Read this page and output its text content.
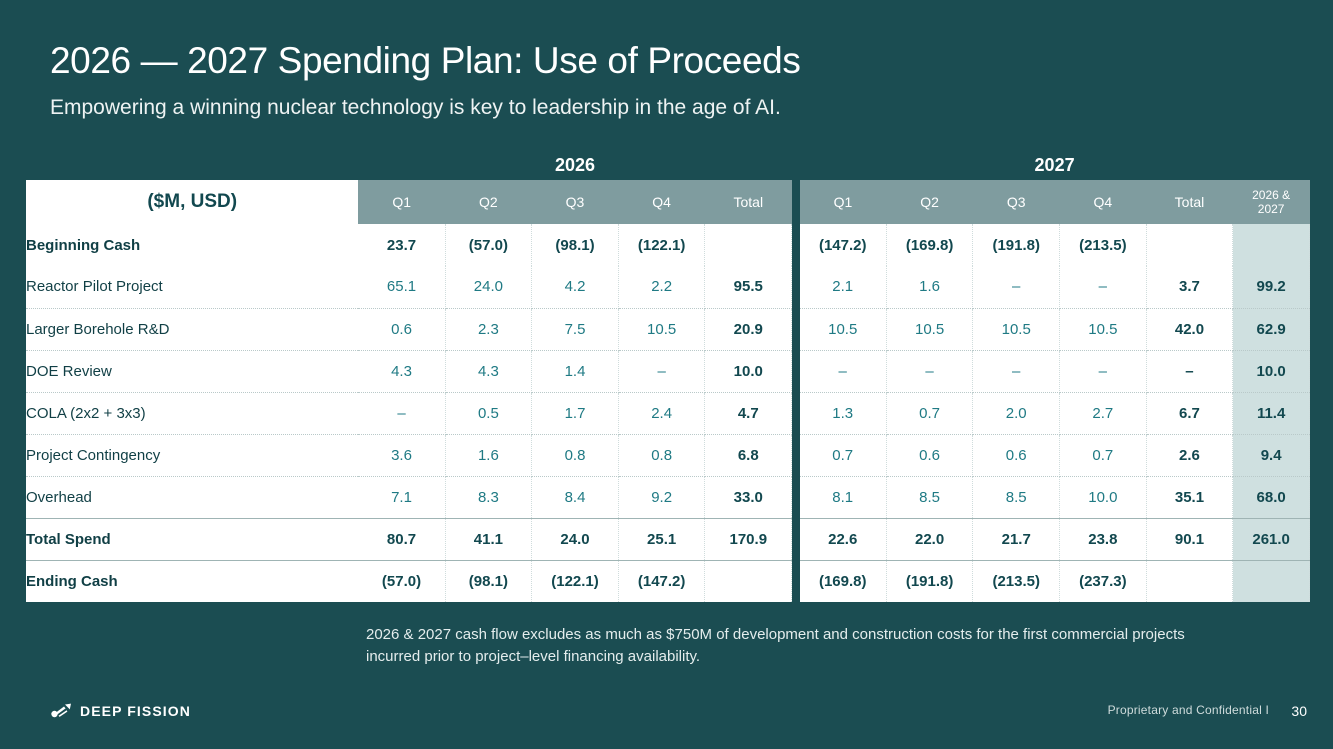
2026 — 2027 Spending Plan: Use of Proceeds
Empowering a winning nuclear technology is key to leadership in the age of AI.
	2026						2027					
($M, USD)	Q1	Q2	Q3	Q4	Total		Q1	Q2	Q3	Q4	Total	2026 &
2027
Beginning Cash	23.7	(57.0)	(98.1)	(122.1)			(147.2)	(169.8)	(191.8)	(213.5)		
Reactor Pilot Project	65.1	24.0	4.2	2.2	95.5		2.1	1.6	–	–	3.7	99.2
Larger Borehole R&D	0.6	2.3	7.5	10.5	20.9		10.5	10.5	10.5	10.5	42.0	62.9
DOE Review	4.3	4.3	1.4	–	10.0		–	–	–	–	–	10.0
COLA (2x2 + 3x3)	–	0.5	1.7	2.4	4.7		1.3	0.7	2.0	2.7	6.7	11.4
Project Contingency	3.6	1.6	0.8	0.8	6.8		0.7	0.6	0.6	0.7	2.6	9.4
Overhead	7.1	8.3	8.4	9.2	33.0		8.1	8.5	8.5	10.0	35.1	68.0
Total Spend	80.7	41.1	24.0	25.1	170.9		22.6	22.0	21.7	23.8	90.1	261.0
Ending Cash	(57.0)	(98.1)	(122.1)	(147.2)			(169.8)	(191.8)	(213.5)	(237.3)		
2026 & 2027 cash flow excludes as much as $750M of development and construction costs for the first commercial projects incurred prior to project–level financing availability.
DEEP FISSION	Proprietary and Confidential I 30
